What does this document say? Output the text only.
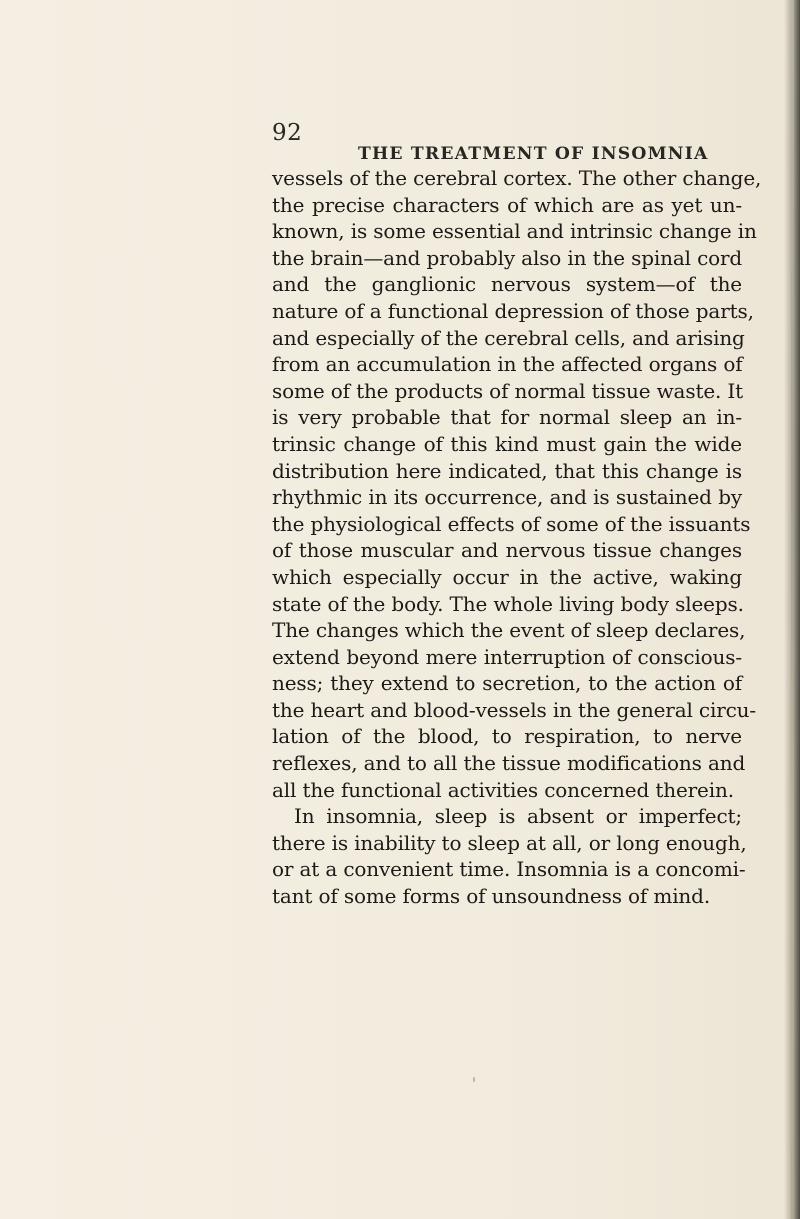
92
THE TREATMENT OF INSOMNIA
vessels of the cerebral cortex. The other change,
the precise characters of which are as yet un-
known, is some essential and intrinsic change in
the brain—and probably also in the spinal cord
and the ganglionic nervous system—of the
nature of a functional depression of those parts,
and especially of the cerebral cells, and arising
from an accumulation in the affected organs of
some of the products of normal tissue waste. It
is very probable that for normal sleep an in-
trinsic change of this kind must gain the wide
distribution here indicated, that this change is
rhythmic in its occurrence, and is sustained by
the physiological effects of some of the issuants
of those muscular and nervous tissue changes
which especially occur in the active, waking
state of the body. The whole living body sleeps.
The changes which the event of sleep declares,
extend beyond mere interruption of conscious-
ness; they extend to secretion, to the action of
the heart and blood-vessels in the general circu-
lation of the blood, to respiration, to nerve
reflexes, and to all the tissue modifications and
all the functional activities concerned therein.
In insomnia, sleep is absent or imperfect;
there is inability to sleep at all, or long enough,
or at a convenient time. Insomnia is a concomi-
tant of some forms of unsoundness of mind.
